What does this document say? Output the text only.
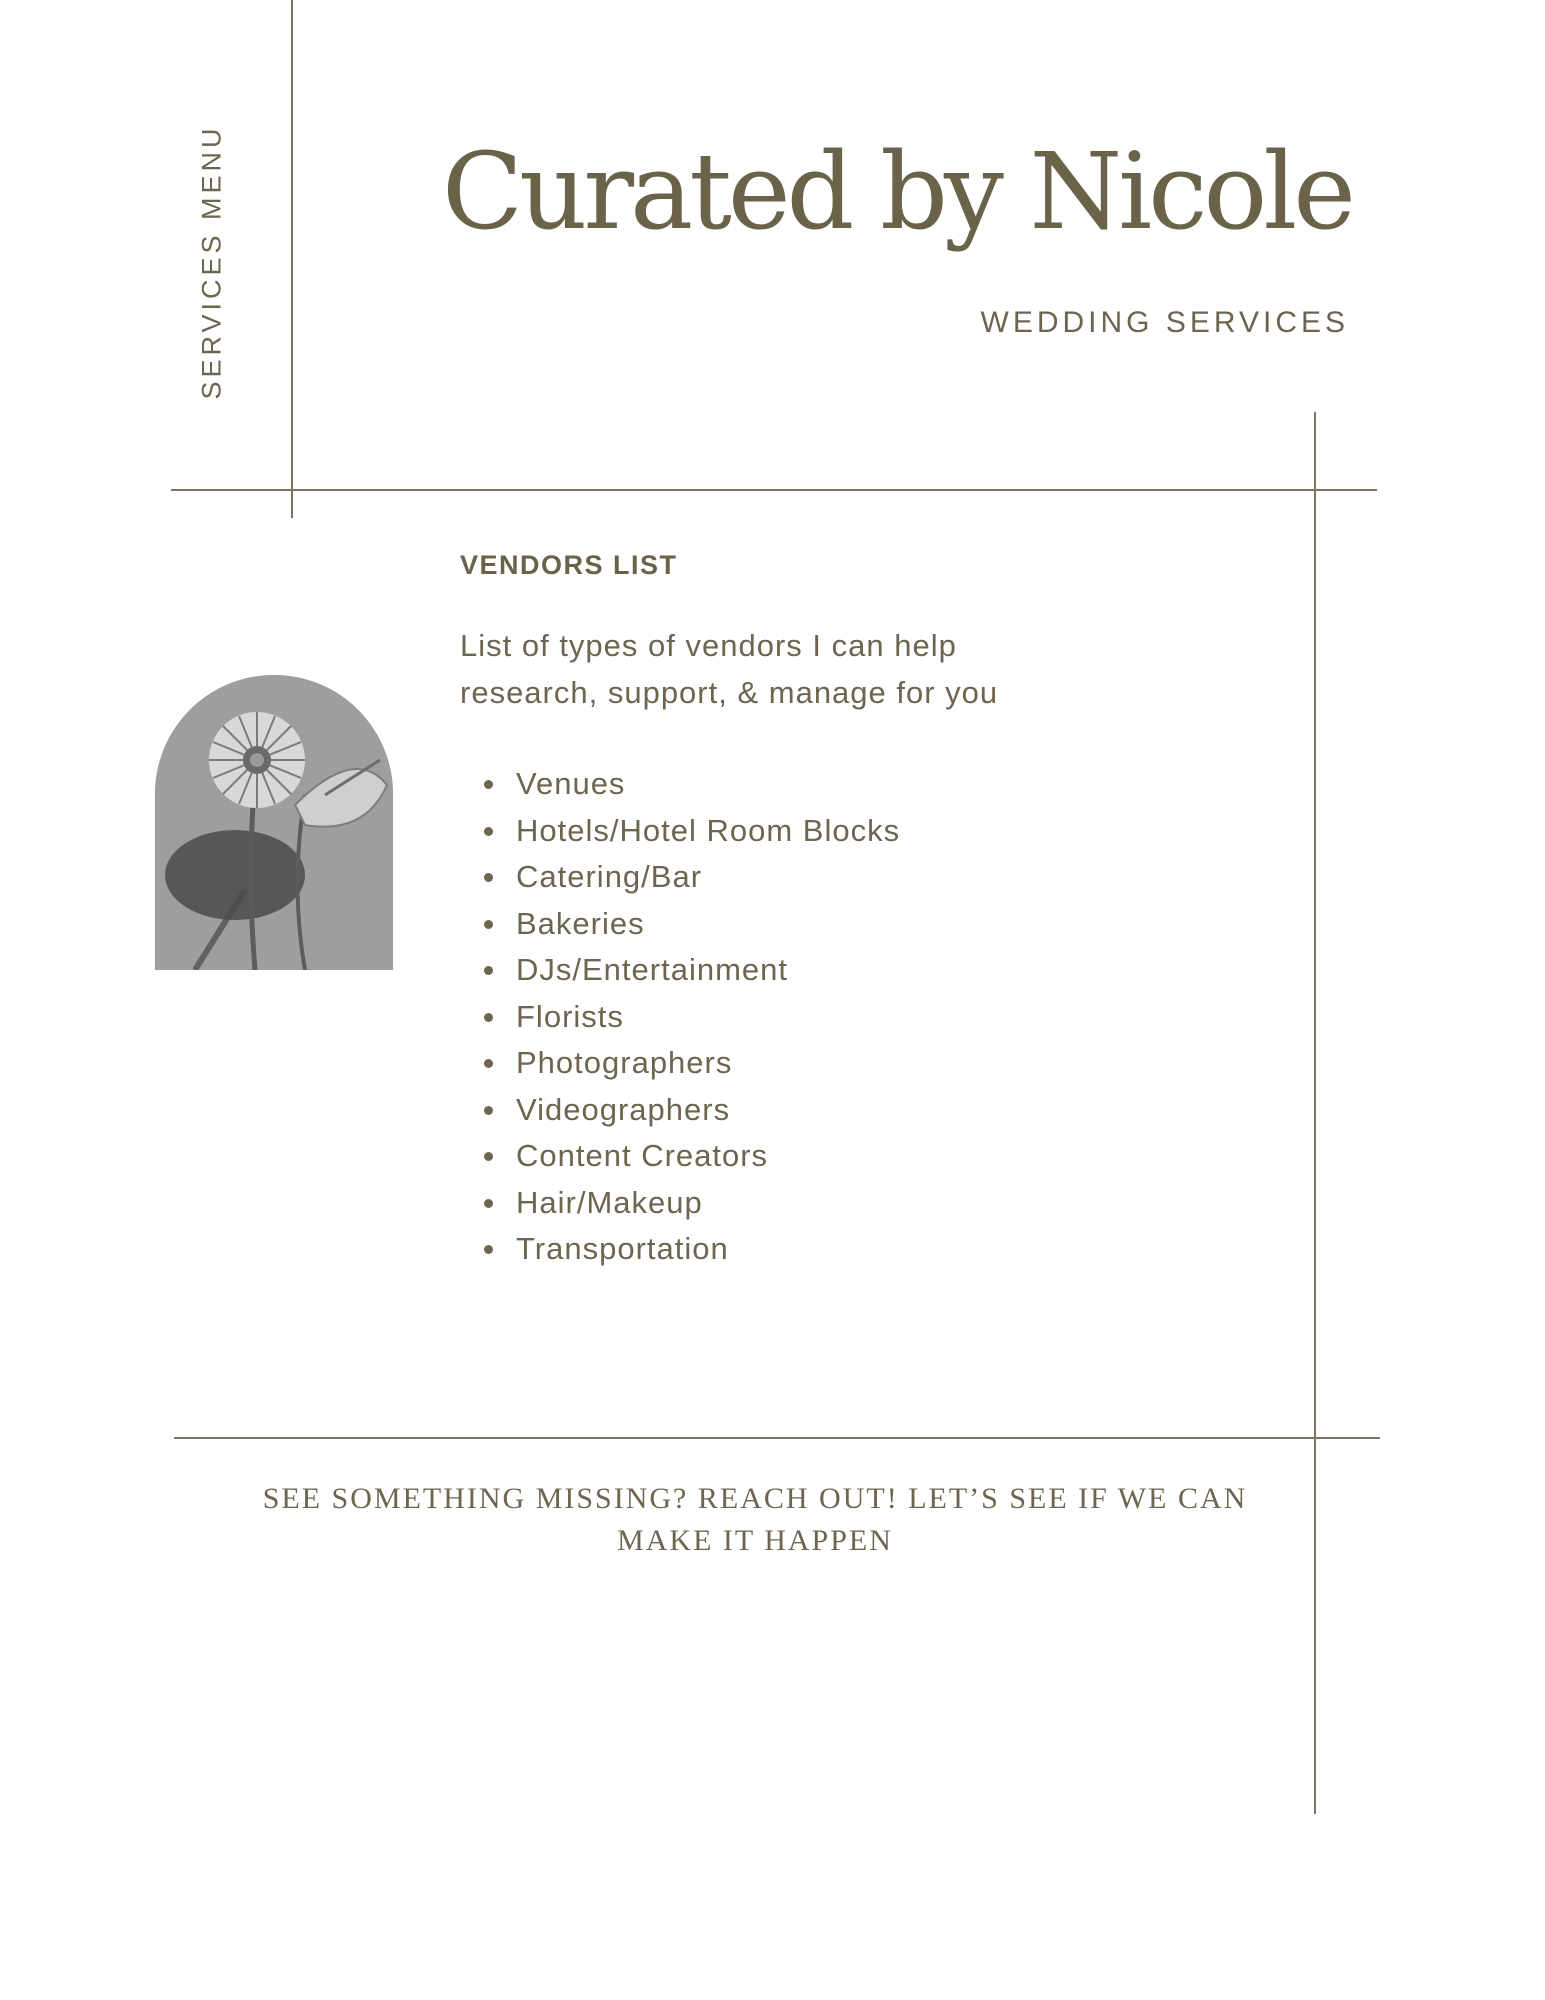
SERVICES MENU Curated by Nicole
WEDDING SERVICES
VENDORS LIST
List of types of vendors I can help research, support, & manage for you
Venues
Hotels/Hotel Room Blocks
Catering/Bar
Bakeries
DJs/Entertainment
Florists
Photographers
Videographers
Content Creators
Hair/Makeup
Transportation
SEE SOMETHING MISSING? REACH OUT! LET’S SEE IF WE CAN MAKE IT HAPPEN
